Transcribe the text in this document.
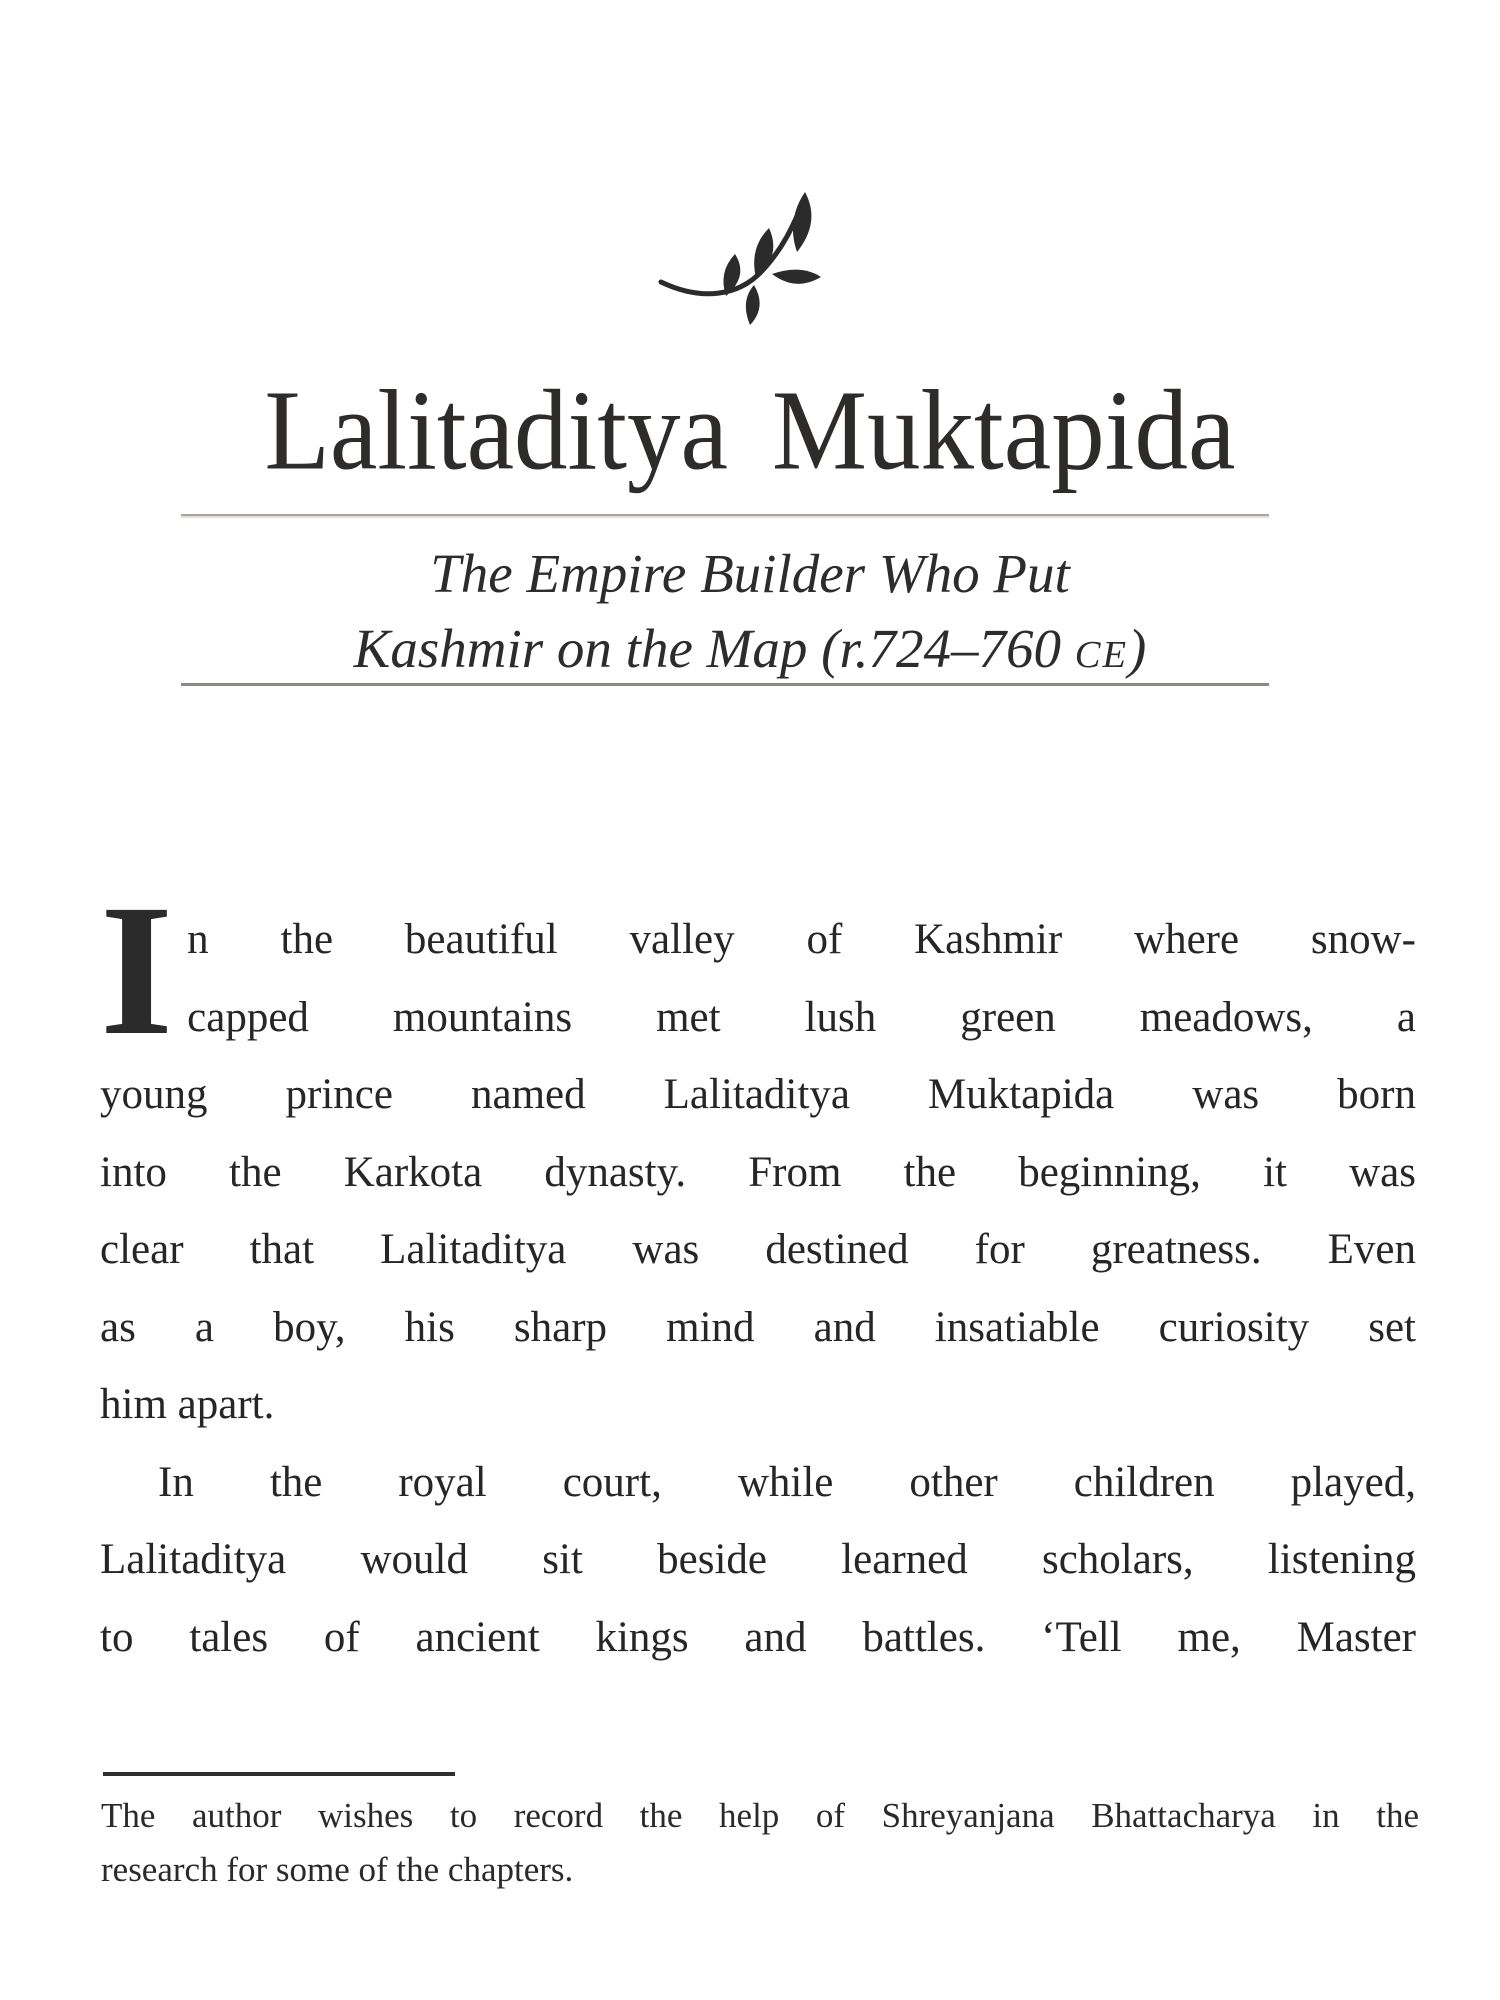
Lalitaditya Muktapida
The Empire Builder Who Put
Kashmir on the Map (r.724–760 CE)
I n the beautiful valley of Kashmir where snow-
capped mountains met lush green meadows, a
young prince named Lalitaditya Muktapida was born
into the Karkota dynasty. From the beginning, it was
clear that Lalitaditya was destined for greatness. Even
as a boy, his sharp mind and insatiable curiosity set
him apart.
In the royal court, while other children played,
Lalitaditya would sit beside learned scholars, listening
to tales of ancient kings and battles. ‘Tell me, Master
The author wishes to record the help of Shreyanjana Bhattacharya in the
research for some of the chapters.
